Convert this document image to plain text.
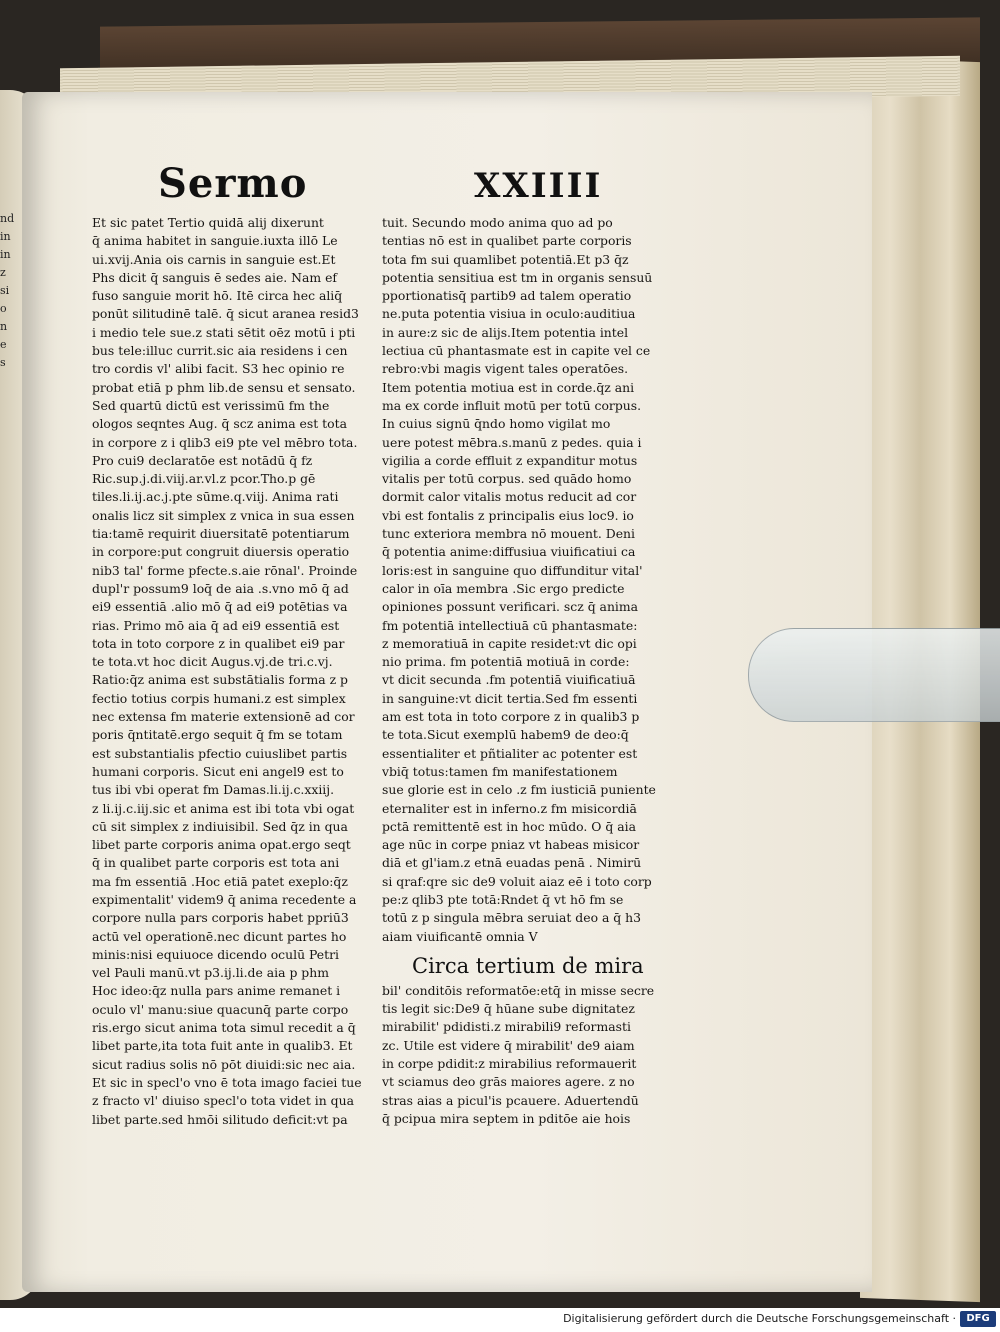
nd
in
in
z
si
o
n
e
s
Sermo	XXIIII
Et sic patet Tertio quidā alij dixerunt
q̄ anima habitet in sanguie.iuxta illō Le
ui.xvij.Ania ois carnis in sanguie est.Et
Phs dicit q̄ sanguis ē sedes aie. Nam ef
fuso sanguie morit hō. Itē circa hec aliq̄
ponūt silitudinē talē. q̄ sicut aranea resid3
i medio tele sue.z stati sētit oēz motū i pti
bus tele:illuc currit.sic aia residens i cen
tro cordis vl' alibi facit. S3 hec opinio re
probat etiā p phm lib.de sensu et sensato.
Sed quartū dictū est verissimū fm the
ologos seqntes Aug. q̄ scz anima est tota
in corpore z i qlib3 ei9 pte vel mēbro tota.
Pro cui9 declaratōe est notādū q̄ fz
Ric.sup.j.di.viij.ar.vl.z pcor.Tho.p gē
tiles.li.ij.ac.j.pte sūme.q.viij. Anima rati
onalis licz sit simplex z vnica in sua essen
tia:tamē requirit diuersitatē potentiarum
in corpore:put congruit diuersis operatio
nib3 tal' forme pfecte.s.aie rōnal'. Proinde
dupl'r possum9 loq̄ de aia .s.vno mō q̄ ad
ei9 essentiā .alio mō q̄ ad ei9 potētias va
rias. Primo mō aia q̄ ad ei9 essentiā est
tota in toto corpore z in qualibet ei9 par
te tota.vt hoc dicit Augus.vj.de tri.c.vj.
Ratio:q̄z anima est substātialis forma z p
fectio totius corpis humani.z est simplex
nec extensa fm materie extensionē ad cor
poris q̄ntitatē.ergo sequit q̄ fm se totam
est substantialis pfectio cuiuslibet partis
humani corporis. Sicut eni angel9 est to
tus ibi vbi operat fm Damas.li.ij.c.xxiij.
z li.ij.c.iij.sic et anima est ibi tota vbi ogat
cū sit simplex z indiuisibil. Sed q̄z in qua
libet parte corporis anima opat.ergo seqt
q̄ in qualibet parte corporis est tota ani
ma fm essentiā .Hoc etiā patet exeplo:q̄z
expimentalit' videm9 q̄ anima recedente a
corpore nulla pars corporis habet ppriū3
actū vel operationē.nec dicunt partes ho
minis:nisi equiuoce dicendo oculū Petri
vel Pauli manū.vt p3.ij.li.de aia p phm
Hoc ideo:q̄z nulla pars anime remanet i
oculo vl' manu:siue quacunq̄ parte corpo
ris.ergo sicut anima tota simul recedit a q̄
libet parte,ita tota fuit ante in qualib3. Et
sicut radius solis nō pōt diuidi:sic nec aia.
Et sic in specl'o vno ē tota imago faciei tue
z fracto vl' diuiso specl'o tota videt in qua
libet parte.sed hmōi silitudo deficit:vt pa
tuit. Secundo modo anima quo ad po
tentias nō est in qualibet parte corporis
tota fm sui quamlibet potentiā.Et p3 q̄z
potentia sensitiua est tm in organis sensuū
pportionatisq̄ partib9 ad talem operatio
ne.puta potentia visiua in oculo:auditiua
in aure:z sic de alijs.Item potentia intel
lectiua cū phantasmate est in capite vel ce
rebro:vbi magis vigent tales operatōes.
Item potentia motiua est in corde.q̄z ani
ma ex corde influit motū per totū corpus.
In cuius signū q̄ndo homo vigilat mo
uere potest mēbra.s.manū z pedes. quia i
vigilia a corde effluit z expanditur motus
vitalis per totū corpus. sed quādo homo
dormit calor vitalis motus reducit ad cor
vbi est fontalis z principalis eius loc9. io
tunc exteriora membra nō mouent. Deni
q̄ potentia anime:diffusiua viuificatiui ca
loris:est in sanguine quo diffunditur vital'
calor in oīa membra .Sic ergo predicte
opiniones possunt verificari. scz q̄ anima
fm potentiā intellectiuā cū phantasmate:
z memoratiuā in capite residet:vt dic opi
nio prima. fm potentiā motiuā in corde:
vt dicit secunda .fm potentiā viuificatiuā
in sanguine:vt dicit tertia.Sed fm essenti
am est tota in toto corpore z in qualib3 p
te tota.Sicut exemplū habem9 de deo:q̄
essentialiter et pñtialiter ac potenter est
vbiq̄ totus:tamen fm manifestationem
sue glorie est in celo .z fm iusticiā puniente
eternaliter est in inferno.z fm misicordiā
pctā remittentē est in hoc mūdo. O q̄ aia
age nūc in corpe pniaz vt habeas misicor
diā et gl'iam.z etnā euadas penā . Nimirū
si qraf:qre sic de9 voluit aiaz eē i toto corp
pe:z qlib3 pte totā:Rndet q̄ vt hō fm se
totū z p singula mēbra seruiat deo a q̄ h3
aiam viuificantē omnia V
Circa tertium de mira
bil' conditōis reformatōe:etq̄ in misse secre
tis legit sic:De9 q̄ hūane sube dignitatez
mirabilit' pdidisti.z mirabili9 reformasti
zc. Utile est videre q̄ mirabilit' de9 aiam
in corpe pdidit:z mirabilius reformauerit
vt sciamus deo grās maiores agere. z no
stras aias a picul'is pcauere. Aduertendū
q̄ pcipua mira septem in pditōe aie hois
Digitalisierung gefördert durch die Deutsche Forschungsgemeinschaft ·	DFG
